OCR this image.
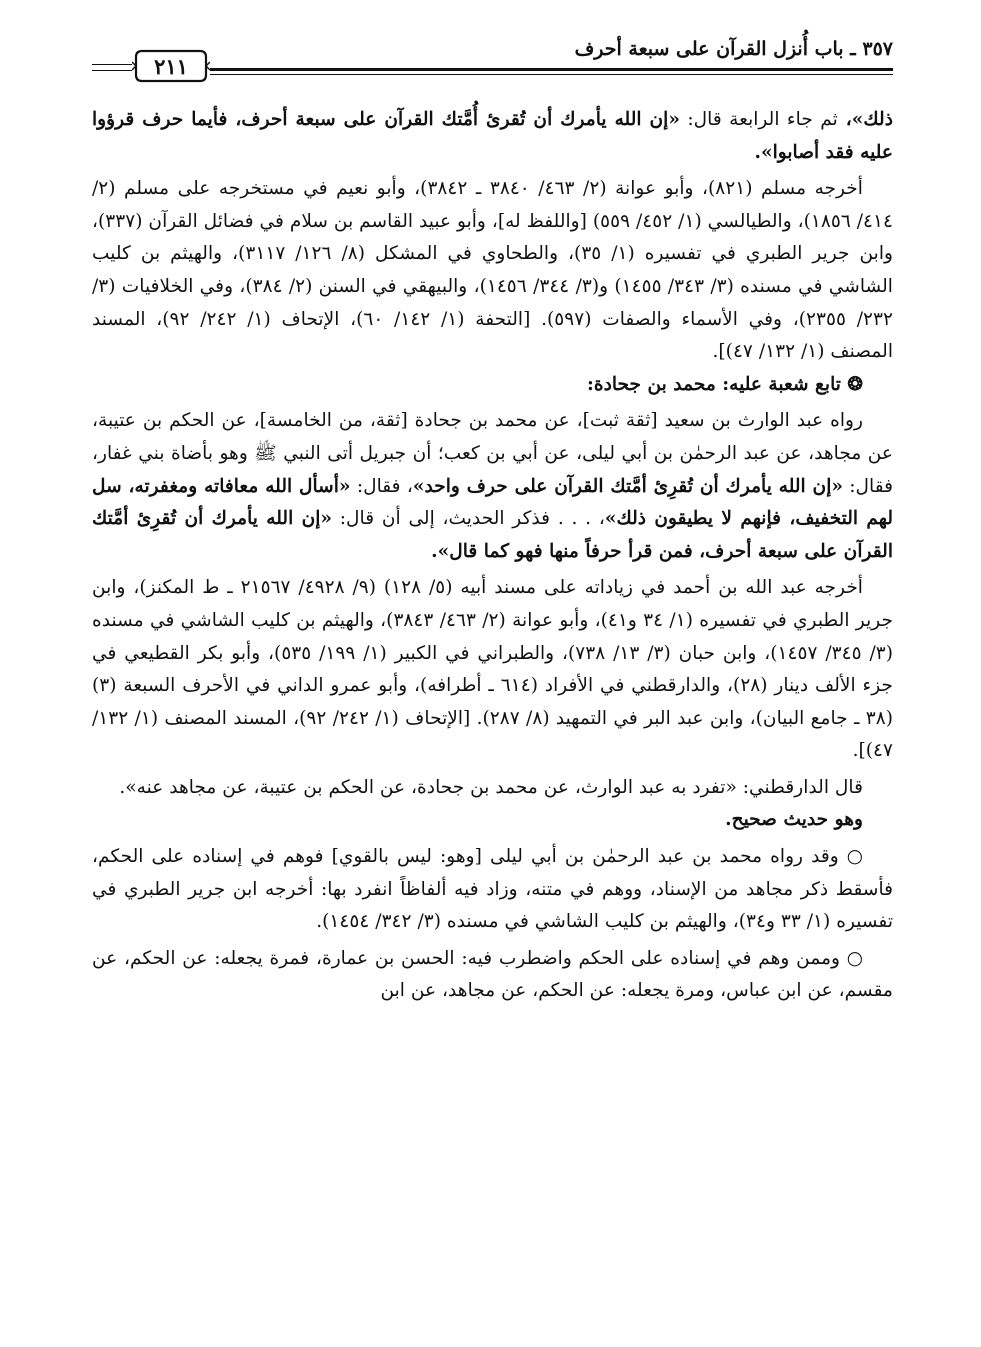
٣٥٧ ـ باب أُنزل القرآن على سبعة أحرف
٢١١

ذلك»، ثم جاء الرابعة قال: «إن الله يأمرك أن تُقرئ أُمَّتك القرآن على سبعة أحرف، فأيما حرف قرؤوا عليه فقد أصابوا».

أخرجه مسلم (٨٢١)، وأبو عوانة (٢/ ٤٦٣/ ٣٨٤٠ ـ ٣٨٤٢)، وأبو نعيم في مستخرجه على مسلم (٢/ ٤١٤/ ١٨٥٦)، والطيالسي (١/ ٤٥٢/ ٥٥٩) [واللفظ له]، وأبو عبيد القاسم بن سلام في فضائل القرآن (٣٣٧)، وابن جرير الطبري في تفسيره (١/ ٣٥)، والطحاوي في المشكل (٨/ ١٢٦/ ٣١١٧)، والهيثم بن كليب الشاشي في مسنده (٣/ ٣٤٣/ ١٤٥٥) و(٣/ ٣٤٤/ ١٤٥٦)، والبيهقي في السنن (٢/ ٣٨٤)، وفي الخلافيات (٣/ ٢٣٢/ ٢٣٥٥)، وفي الأسماء والصفات (٥٩٧). [التحفة (١/ ١٤٢/ ٦٠)، الإتحاف (١/ ٢٤٢/ ٩٢)، المسند المصنف (١/ ١٣٢/ ٤٧)].

❂ تابع شعبة عليه: محمد بن جحادة:

رواه عبد الوارث بن سعيد [ثقة ثبت]، عن محمد بن جحادة [ثقة، من الخامسة]، عن الحكم بن عتيبة، عن مجاهد، عن عبد الرحمٰن بن أبي ليلى، عن أبي بن كعب؛ أن جبريل أتى النبي ﷺ وهو بأضاة بني غفار، فقال: «إن الله يأمرك أن تُقرِئ أمَّتك القرآن على حرف واحد»، فقال: «أسأل الله معافاته ومغفرته، سل لهم التخفيف، فإنهم لا يطيقون ذلك»، . . . فذكر الحديث، إلى أن قال: «إن الله يأمرك أن تُقرِئ أمَّتك القرآن على سبعة أحرف، فمن قرأ حرفاً منها فهو كما قال».

أخرجه عبد الله بن أحمد في زياداته على مسند أبيه (٥/ ١٢٨) (٩/ ٤٩٢٨/ ٢١٥٦٧ ـ ط المكنز)، وابن جرير الطبري في تفسيره (١/ ٣٤ و٤١)، وأبو عوانة (٢/ ٤٦٣/ ٣٨٤٣)، والهيثم بن كليب الشاشي في مسنده (٣/ ٣٤٥/ ١٤٥٧)، وابن حبان (٣/ ١٣/ ٧٣٨)، والطبراني في الكبير (١/ ١٩٩/ ٥٣٥)، وأبو بكر القطيعي في جزء الألف دينار (٢٨)، والدارقطني في الأفراد (٦١٤ ـ أطرافه)، وأبو عمرو الداني في الأحرف السبعة (٣) (٣٨ ـ جامع البيان)، وابن عبد البر في التمهيد (٨/ ٢٨٧). [الإتحاف (١/ ٢٤٢/ ٩٢)، المسند المصنف (١/ ١٣٢/ ٤٧)].

قال الدارقطني: «تفرد به عبد الوارث، عن محمد بن جحادة، عن الحكم بن عتيبة، عن مجاهد عنه».

وهو حديث صحيح.

○ وقد رواه محمد بن عبد الرحمٰن بن أبي ليلى [وهو: ليس بالقوي] فوهم في إسناده على الحكم، فأسقط ذكر مجاهد من الإسناد، ووهم في متنه، وزاد فيه ألفاظاً انفرد بها: أخرجه ابن جرير الطبري في تفسيره (١/ ٣٣ و٣٤)، والهيثم بن كليب الشاشي في مسنده (٣/ ٣٤٢/ ١٤٥٤).

○ وممن وهم في إسناده على الحكم واضطرب فيه: الحسن بن عمارة، فمرة يجعله: عن الحكم، عن مقسم، عن ابن عباس، ومرة يجعله: عن الحكم، عن مجاهد، عن ابن
